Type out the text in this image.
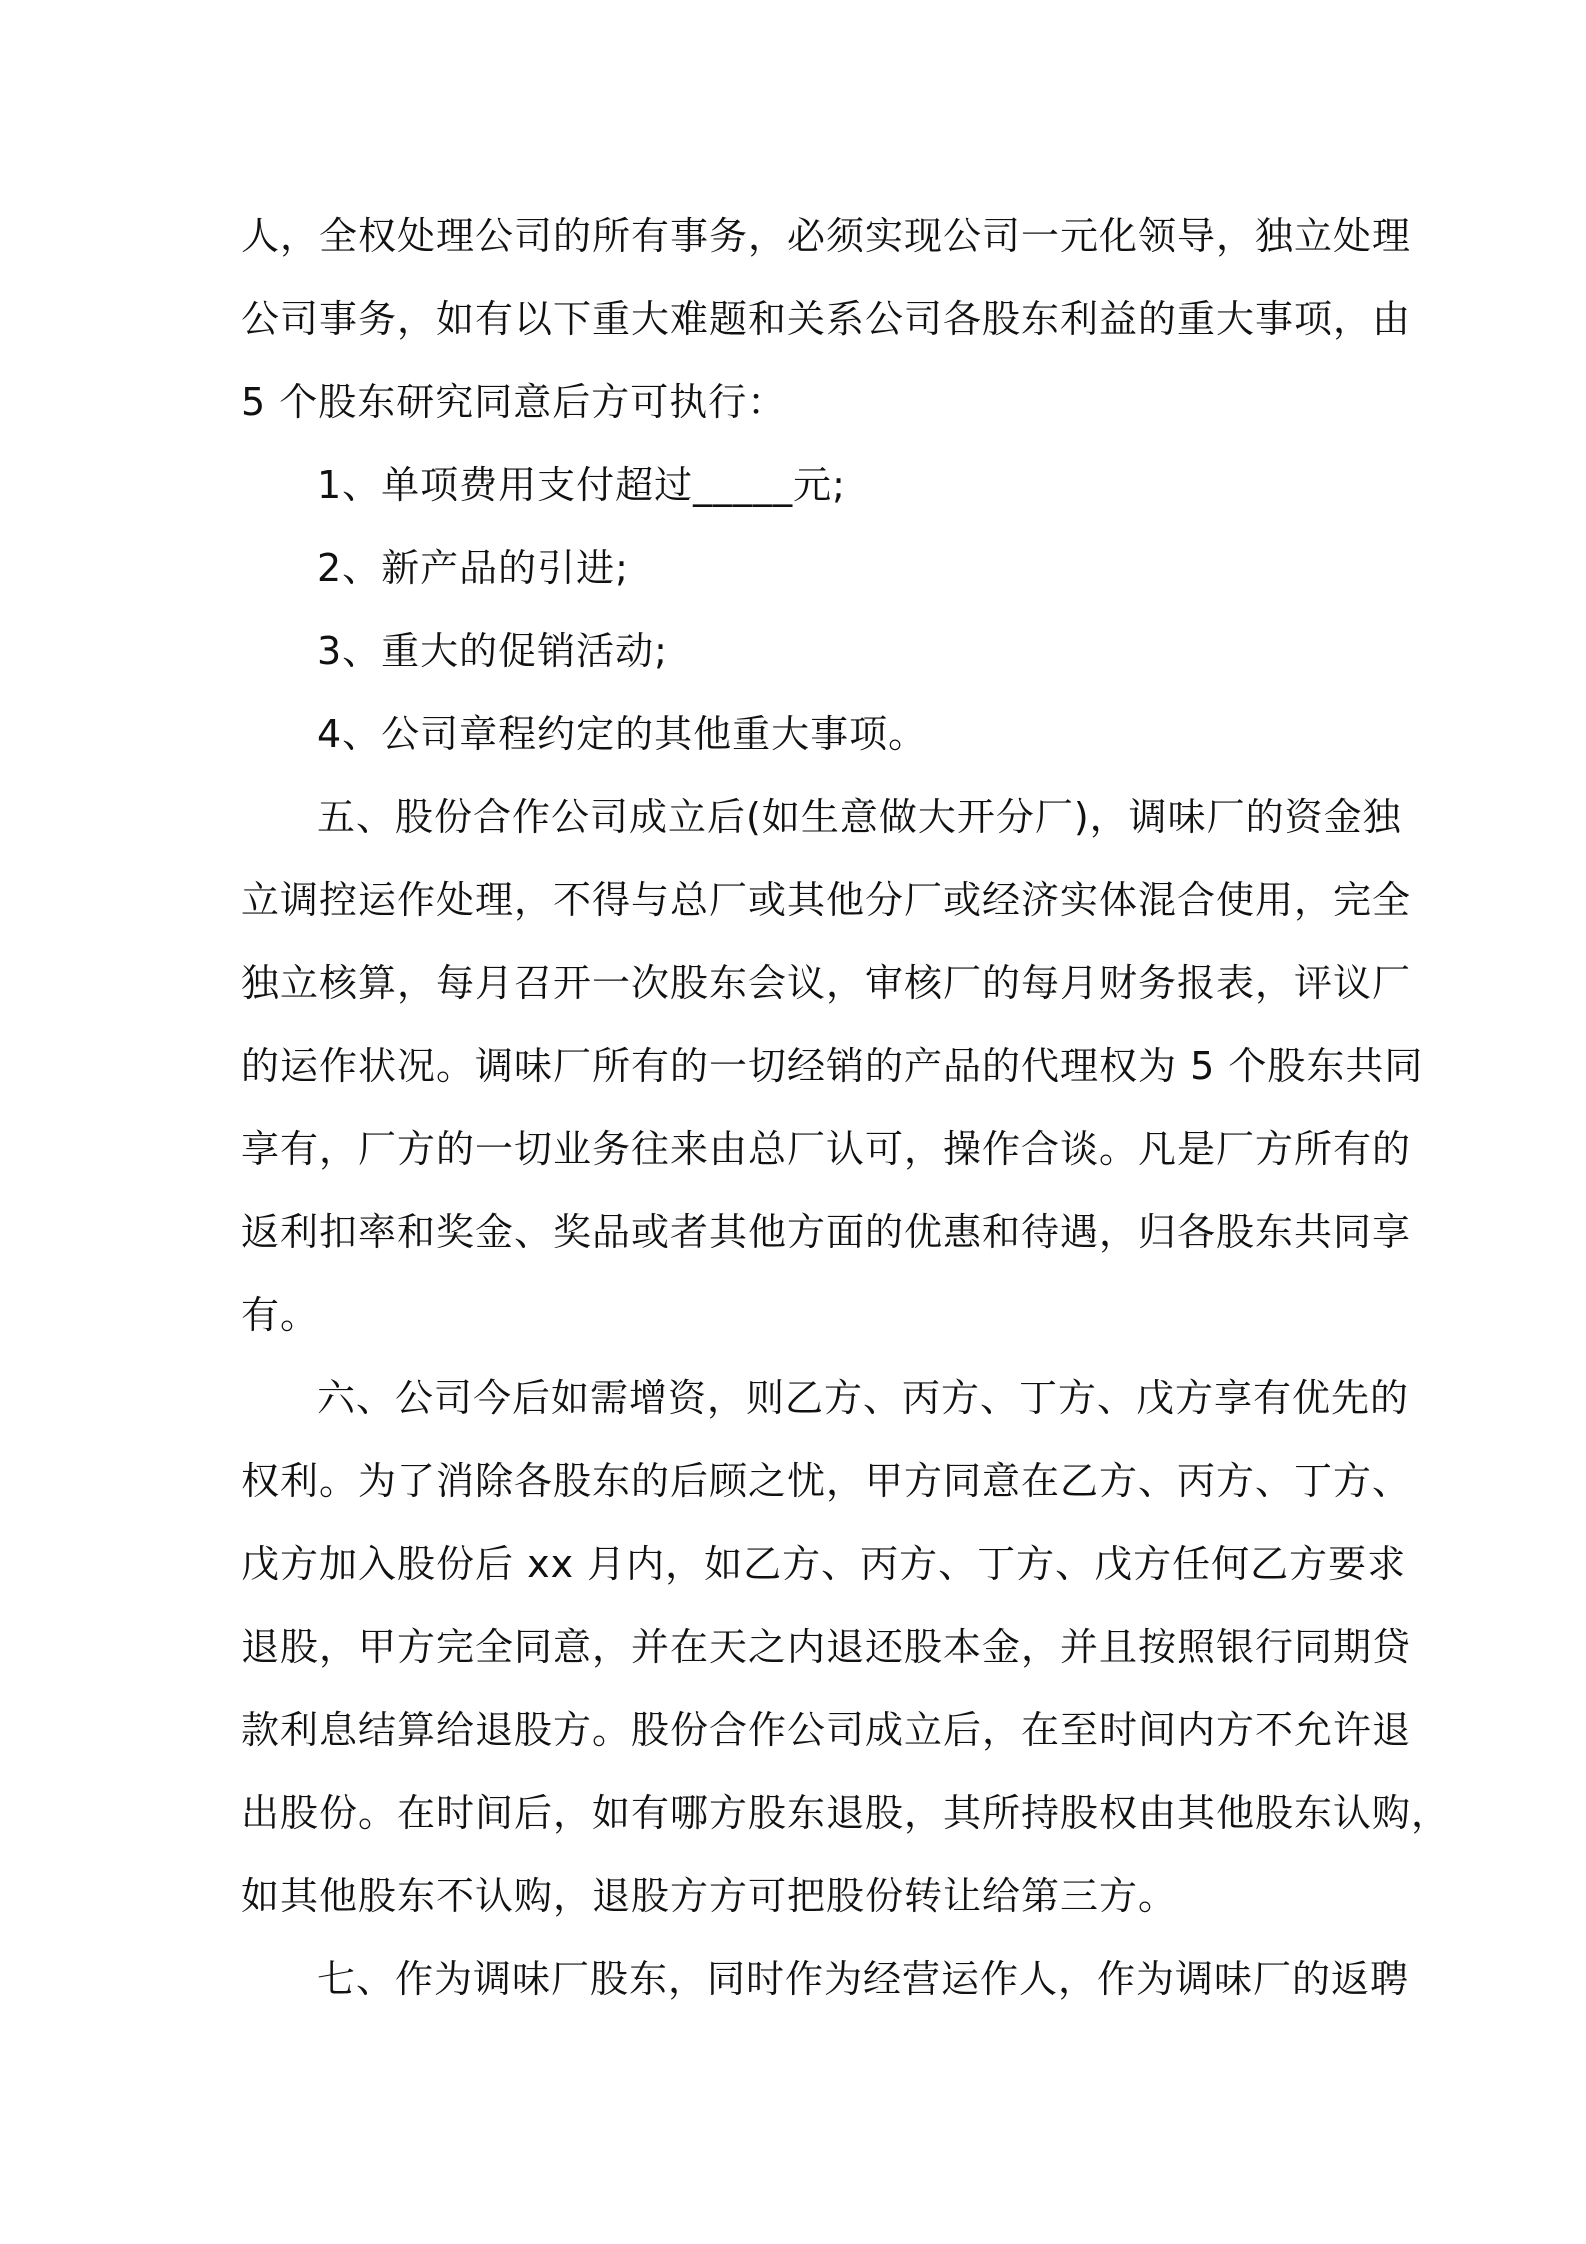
人，全权处理公司的所有事务，必须实现公司一元化领导，独立处理
公司事务，如有以下重大难题和关系公司各股东利益的重大事项，由
5 个股东研究同意后方可执行：
1、单项费用支付超过_____元;
2、新产品的引进;
3、重大的促销活动;
4、公司章程约定的其他重大事项。
五、股份合作公司成立后(如生意做大开分厂)，调味厂的资金独
立调控运作处理，不得与总厂或其他分厂或经济实体混合使用，完全
独立核算，每月召开一次股东会议，审核厂的每月财务报表，评议厂
的运作状况。调味厂所有的一切经销的产品的代理权为 5 个股东共同
享有，厂方的一切业务往来由总厂认可，操作合谈。凡是厂方所有的
返利扣率和奖金、奖品或者其他方面的优惠和待遇，归各股东共同享
有。
六、公司今后如需增资，则乙方、丙方、丁方、戊方享有优先的
权利。为了消除各股东的后顾之忧，甲方同意在乙方、丙方、丁方、
戊方加入股份后 xx 月内，如乙方、丙方、丁方、戊方任何乙方要求
退股，甲方完全同意，并在天之内退还股本金，并且按照银行同期贷
款利息结算给退股方。股份合作公司成立后，在至时间内方不允许退
出股份。在时间后，如有哪方股东退股，其所持股权由其他股东认购，
如其他股东不认购，退股方方可把股份转让给第三方。
七、作为调味厂股东，同时作为经营运作人，作为调味厂的返聘
